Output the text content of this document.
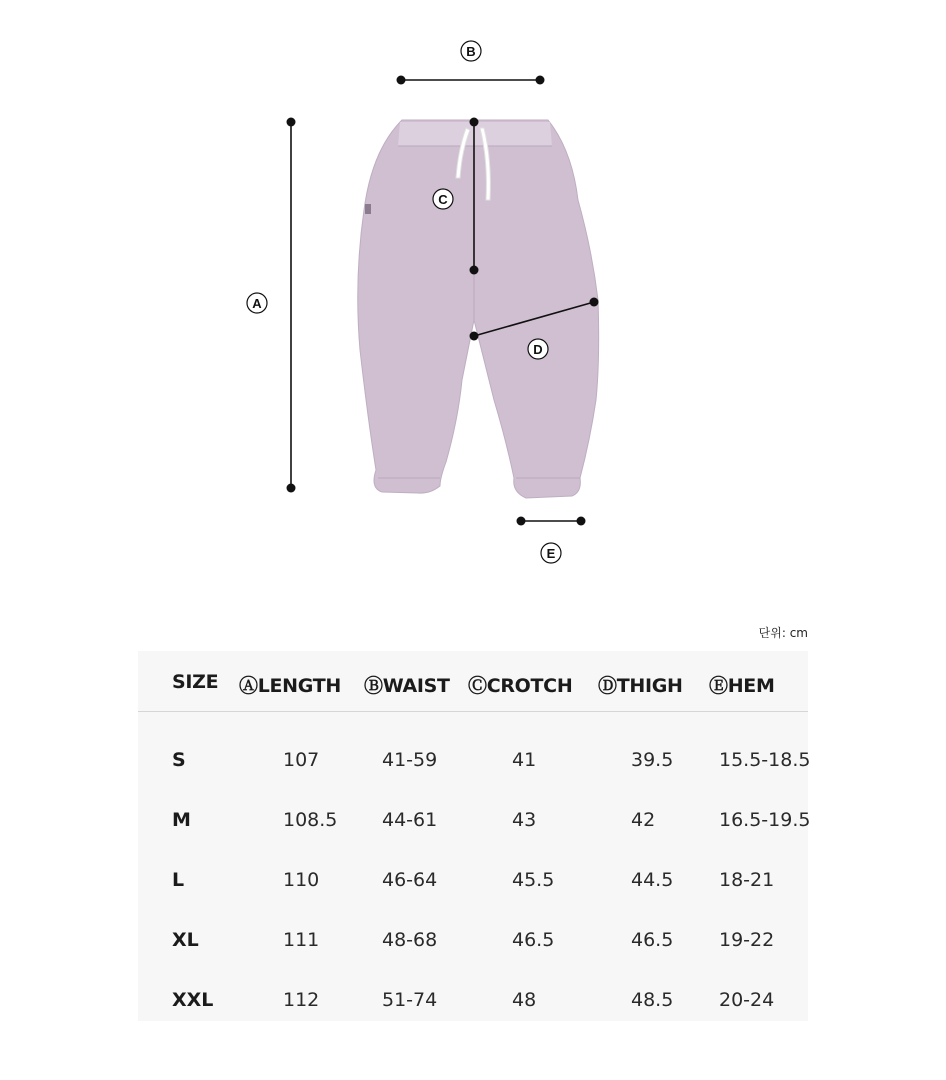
A
B
C
D
E
단위: cm
SIZE ⒶLENGTH ⒷWAIST ⒸCROTCH ⒹTHIGH ⒺHEM
S	107	41-59	41	39.5 15.5-18.5
M	108.5 44-61	43	42	16.5-19.5
L	110	46-64	45.5	44.5 18-21
XL	111	48-68	46.5	46.5 19-22
XXL	112	51-74	48	48.5 20-24
